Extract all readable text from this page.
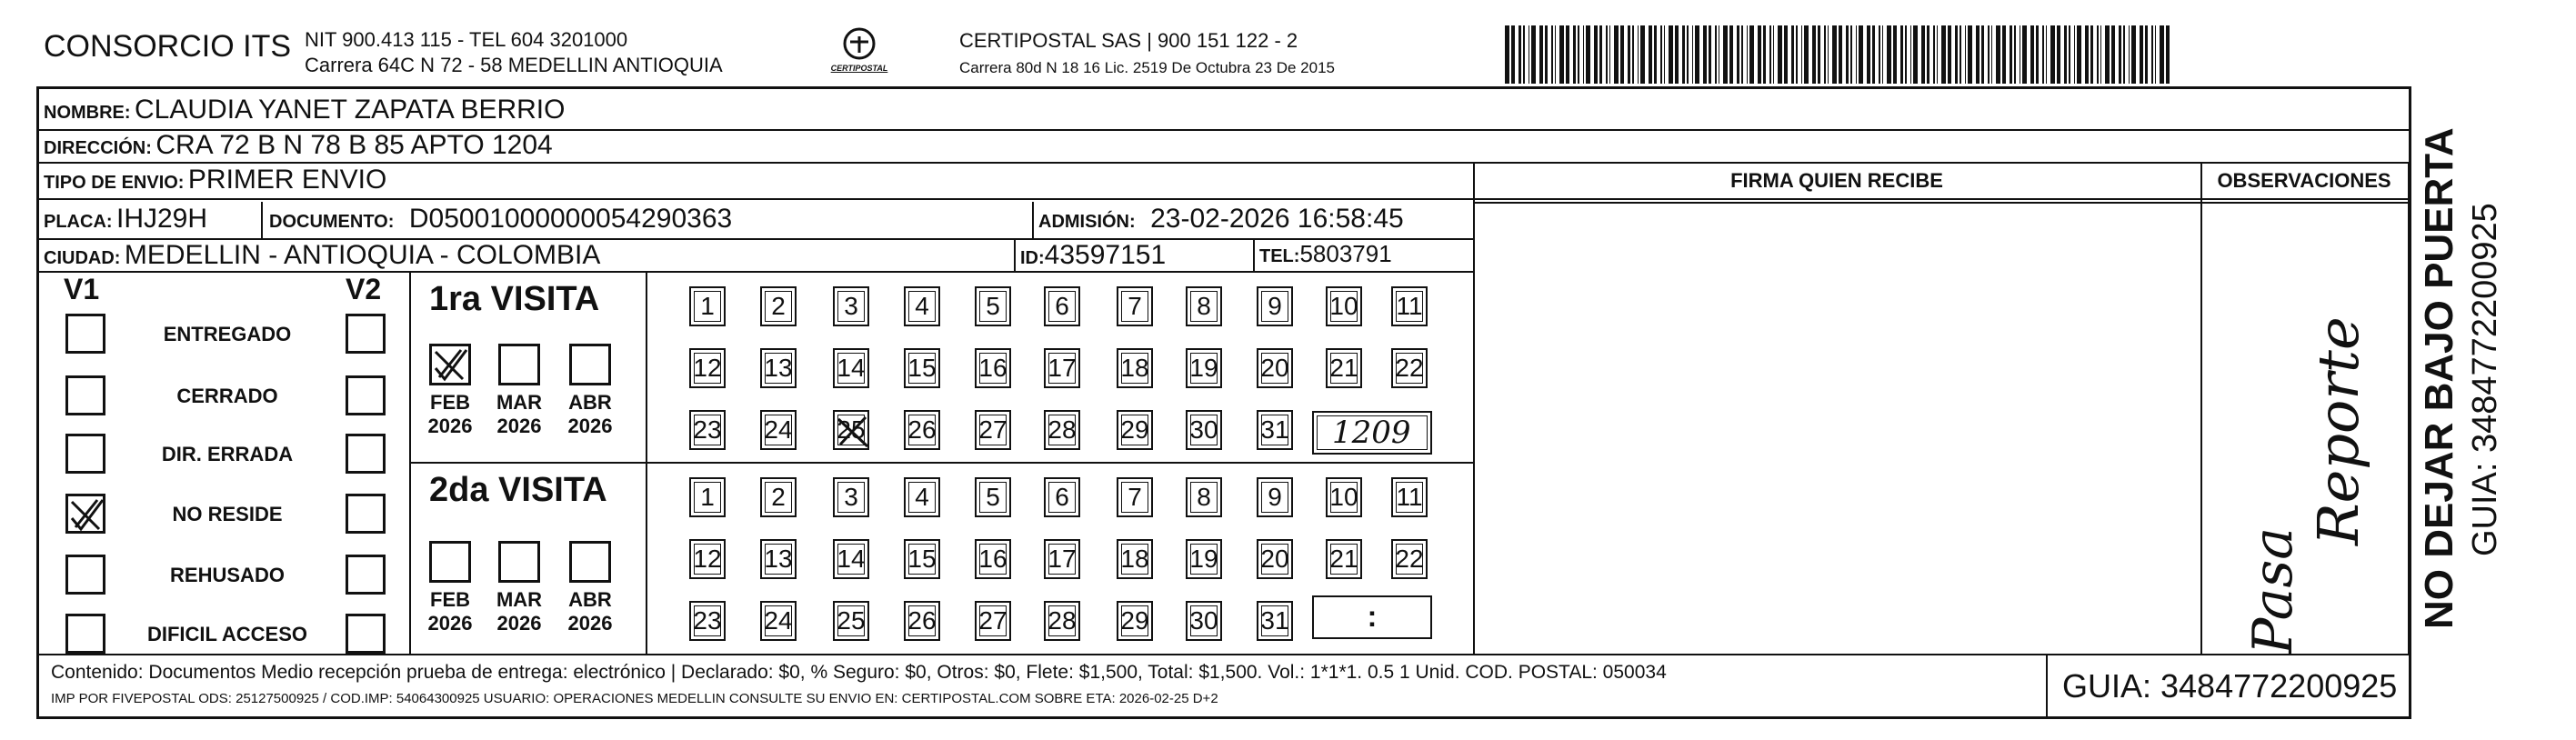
CONSORCIO ITS NIT 900.413 115 - TEL 604 3201000
Carrera 64C N 72 - 58 MEDELLIN ANTIOQUIA	CERTIPOSTAL
CERTIPOSTAL SAS | 900 151 122 - 2
Carrera 80d N 18 16 Lic. 2519 De Octubra 23 De 2015
NOMBRE: CLAUDIA YANET ZAPATA BERRIO
DIRECCIÓN: CRA 72 B N 78 B 85 APTO 1204
TIPO DE ENVIO: PRIMER ENVIO	FIRMA QUIEN RECIBE	OBSERVACIONES
PLACA: IHJ29H	DOCUMENTO: D05001000000054290363	ADMISIÓN: 23-02-2026 16:58:45
CIUDAD: MEDELLIN - ANTIOQUIA - COLOMBIA	ID:43597151	TEL:5803791
V1	V2
ENTREGADO
CERRADO
DIR. ERRADA
NO RESIDE
REHUSADO
DIFICIL ACCESO
1ra VISITA
FEB
2026
MAR
2026
ABR
2026
1	2	3	4	5	6	7	8	9	10 11
12 13 14 15 16 17 18 19 20 21 22
23 24 25 26 27 28 29 30 31
2da VISITA
FEB
2026
MAR
2026
ABR
2026
1	2	3	4	5	6	7	8	9	10 11
12 13 14 15 16 17 18 19 20 21 22
23 24 25 26 27 28 29 30 31
1209
:	Pasa
Reporte NO DEJAR BAJO PUERTA GUIA: 3484772200925
Contenido: Documentos Medio recepción prueba de entrega: electrónico | Declarado: $0, % Seguro: $0, Otros: $0, Flete: $1,500, Total: $1,500. Vol.: 1*1*1. 0.5 1 Unid. COD. POSTAL: 050034
IMP POR FIVEPOSTAL ODS: 25127500925 / COD.IMP: 54064300925 USUARIO: OPERACIONES MEDELLIN CONSULTE SU ENVIO EN: CERTIPOSTAL.COM SOBRE ETA: 2026-02-25 D+2	GUIA: 3484772200925
